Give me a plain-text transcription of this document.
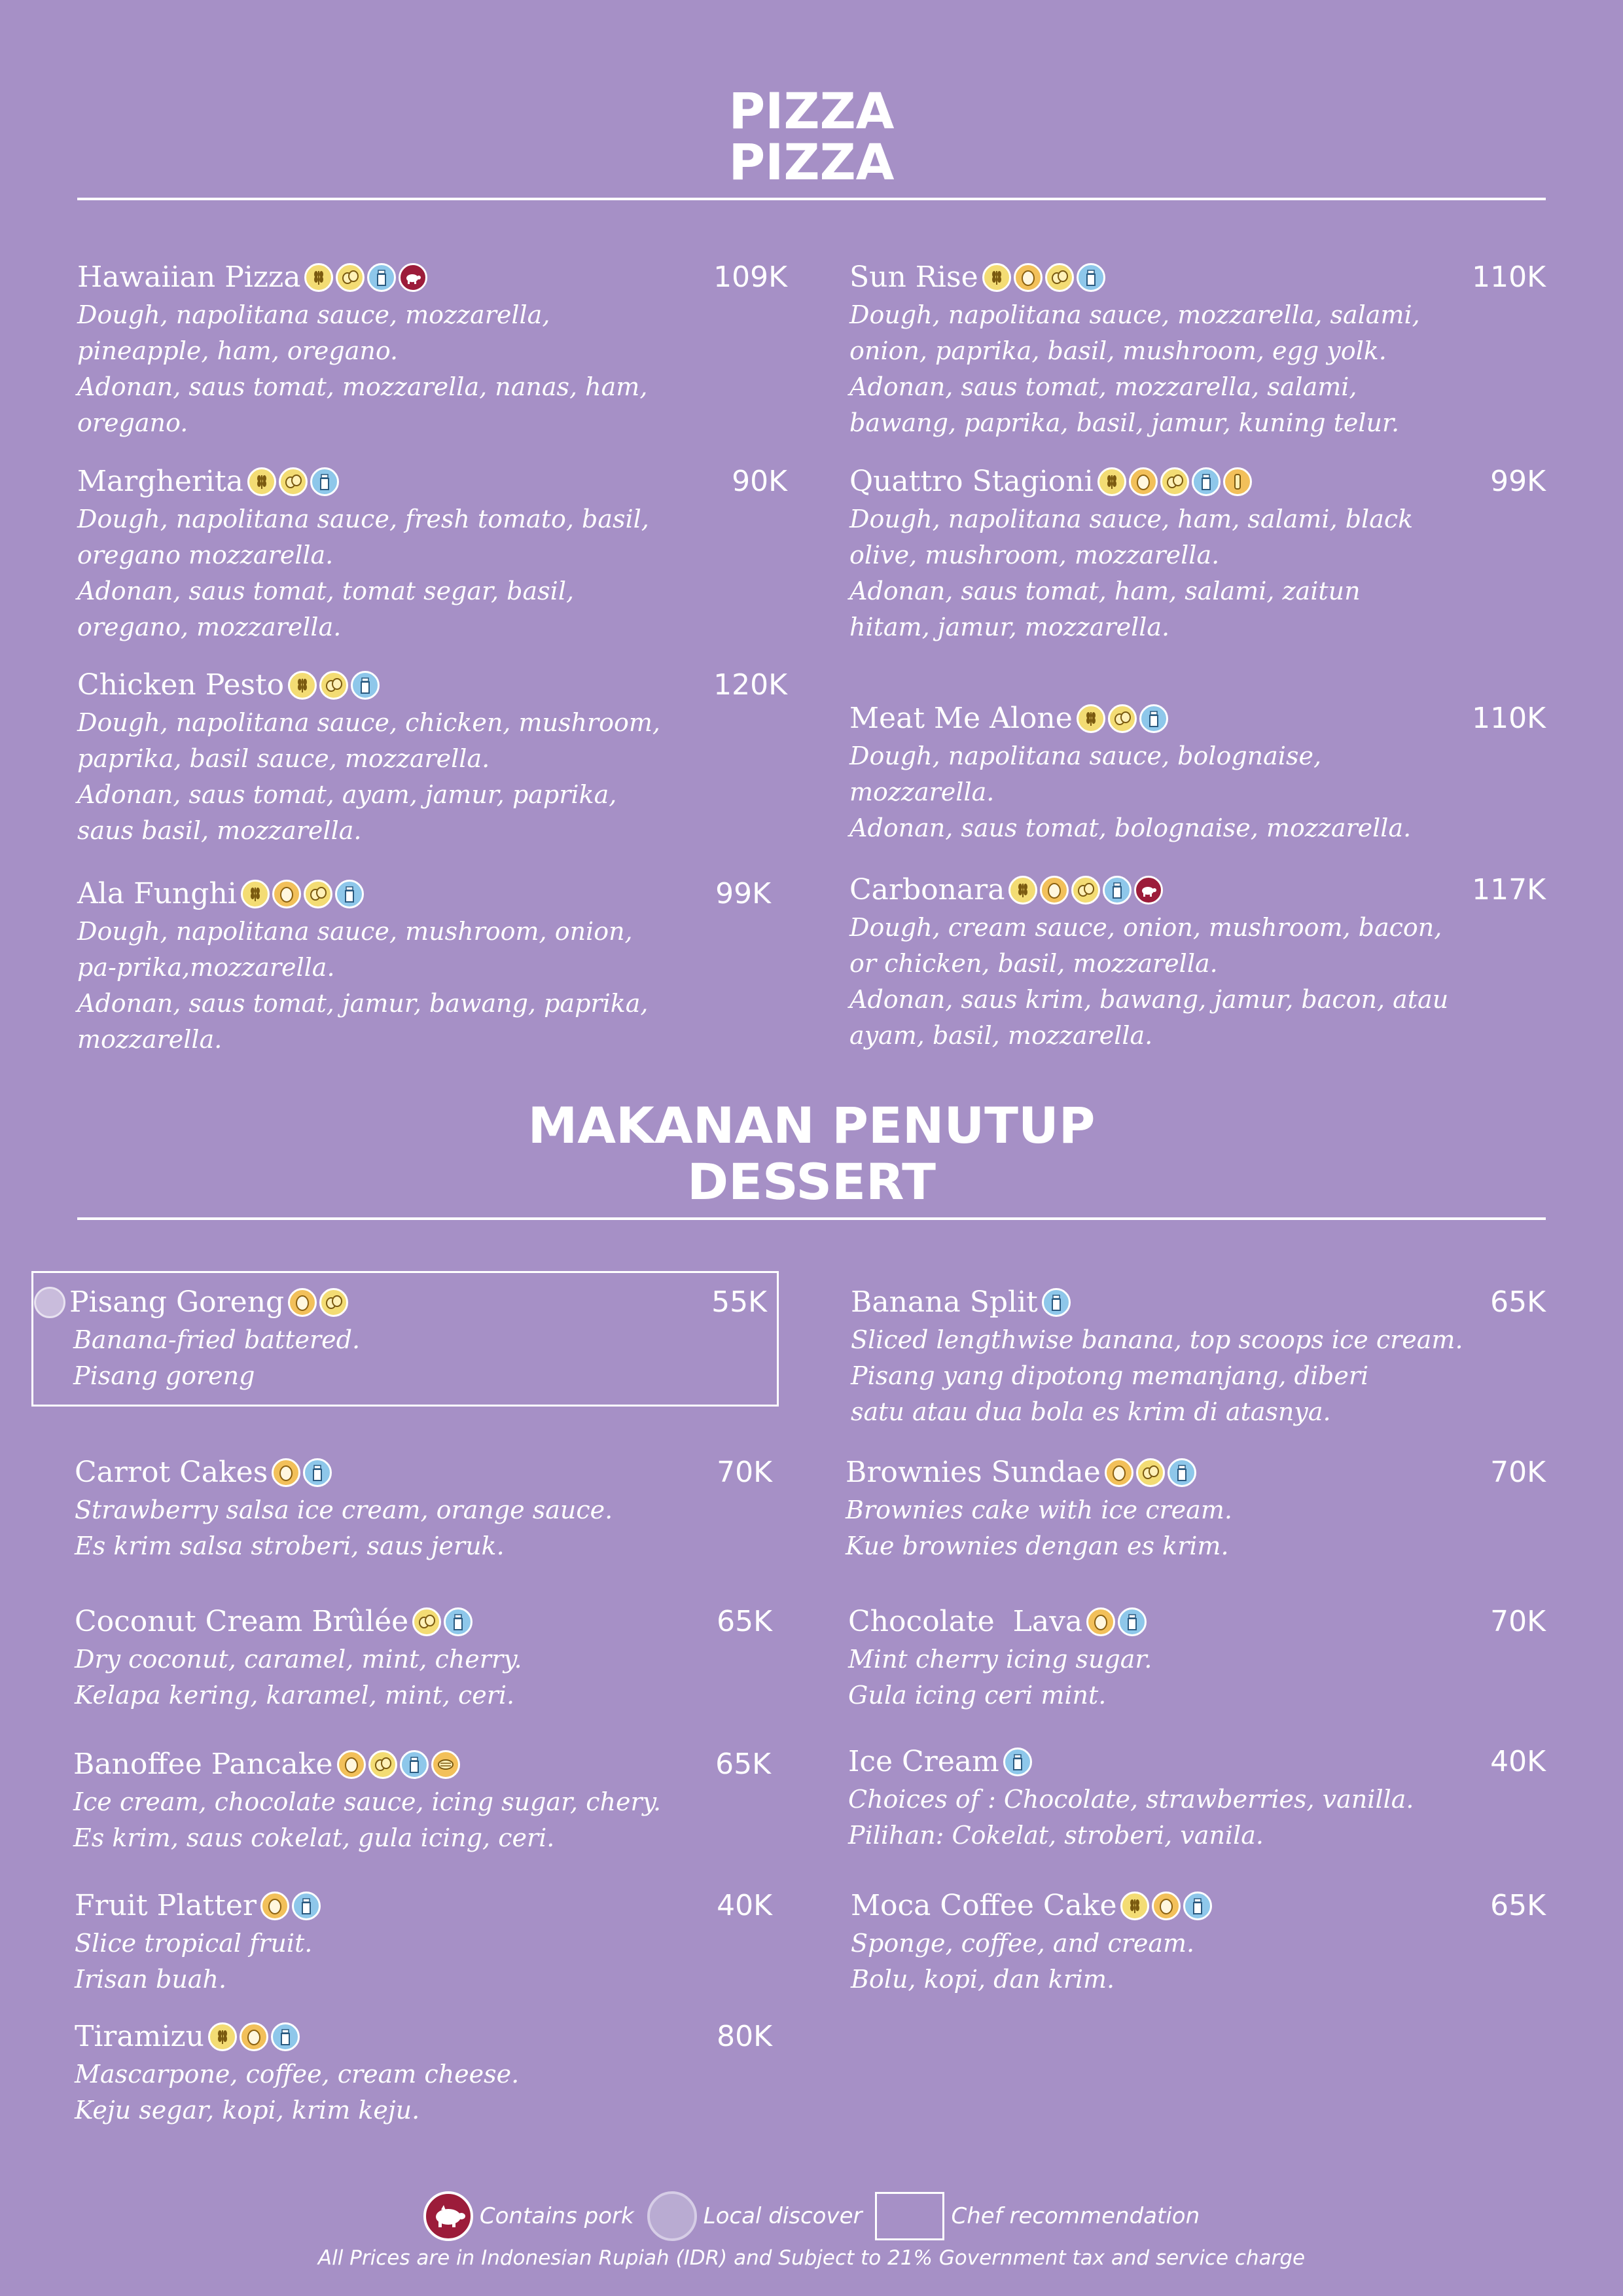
PIZZA
PIZZA
Hawaiian Pizza	109K
Dough, napolitana sauce, mozzarella, pineapple, ham, oregano.
Adonan, saus tomat, mozzarella, nanas, ham, oregano.
Margherita	90K
Dough, napolitana sauce, fresh tomato, basil, oregano mozzarella.
Adonan, saus tomat, tomat segar, basil, oregano, mozzarella.
Chicken Pesto	120K
Dough, napolitana sauce, chicken, mushroom, paprika, basil sauce, mozzarella.
Adonan, saus tomat, ayam, jamur, paprika, saus basil, mozzarella.
Ala Funghi	99K
Dough, napolitana sauce, mushroom, onion, pa-prika,mozzarella.
Adonan, saus tomat, jamur, bawang, paprika, mozzarella.
Sun Rise	110K
Dough, napolitana sauce, mozzarella, salami, onion, paprika, basil, mushroom, egg yolk.
Adonan, saus tomat, mozzarella, salami, bawang, paprika, basil, jamur, kuning telur.
Quattro Stagioni	99K
Dough, napolitana sauce, ham, salami, black olive, mushroom, mozzarella.
Adonan, saus tomat, ham, salami, zaitun hitam, jamur, mozzarella.
Meat Me Alone	110K
Dough, napolitana sauce, bolognaise, mozzarella.
Adonan, saus tomat, bolognaise, mozzarella.
Carbonara	117K
Dough, cream sauce, onion, mushroom, bacon, or chicken, basil, mozzarella.
Adonan, saus krim, bawang, jamur, bacon, atau ayam, basil, mozzarella.
MAKANAN PENUTUP
DESSERT
Pisang Goreng	55K
Banana-fried battered.
Pisang goreng
Carrot Cakes	70K
Strawberry salsa ice cream, orange sauce.
Es krim salsa stroberi, saus jeruk.
Coconut Cream Brûlée	65K
Dry coconut, caramel, mint, cherry.
Kelapa kering, karamel, mint, ceri.
Banoffee Pancake	65K
Ice cream, chocolate sauce, icing sugar, chery.
Es krim, saus cokelat, gula icing, ceri.
Fruit Platter	40K
Slice tropical fruit.
Irisan buah.
Tiramizu	80K
Mascarpone, coffee, cream cheese.
Keju segar, kopi, krim keju.
Banana Split	65K
Sliced lengthwise banana, top scoops ice cream.
Pisang yang dipotong memanjang, diberi satu atau dua bola es krim di atasnya.
Brownies Sundae	70K
Brownies cake with ice cream.
Kue brownies dengan es krim.
Chocolate  Lava	70K
Mint cherry icing sugar.
Gula icing ceri mint.
Ice Cream	40K
Choices of : Chocolate, strawberries, vanilla.
Pilihan: Cokelat, stroberi, vanila.
Moca Coffee Cake	65K
Sponge, coffee, and cream.
Bolu, kopi, dan krim.
Contains pork	Local discover	Chef recommendation
All Prices are in Indonesian Rupiah (IDR) and Subject to 21% Government tax and service charge
